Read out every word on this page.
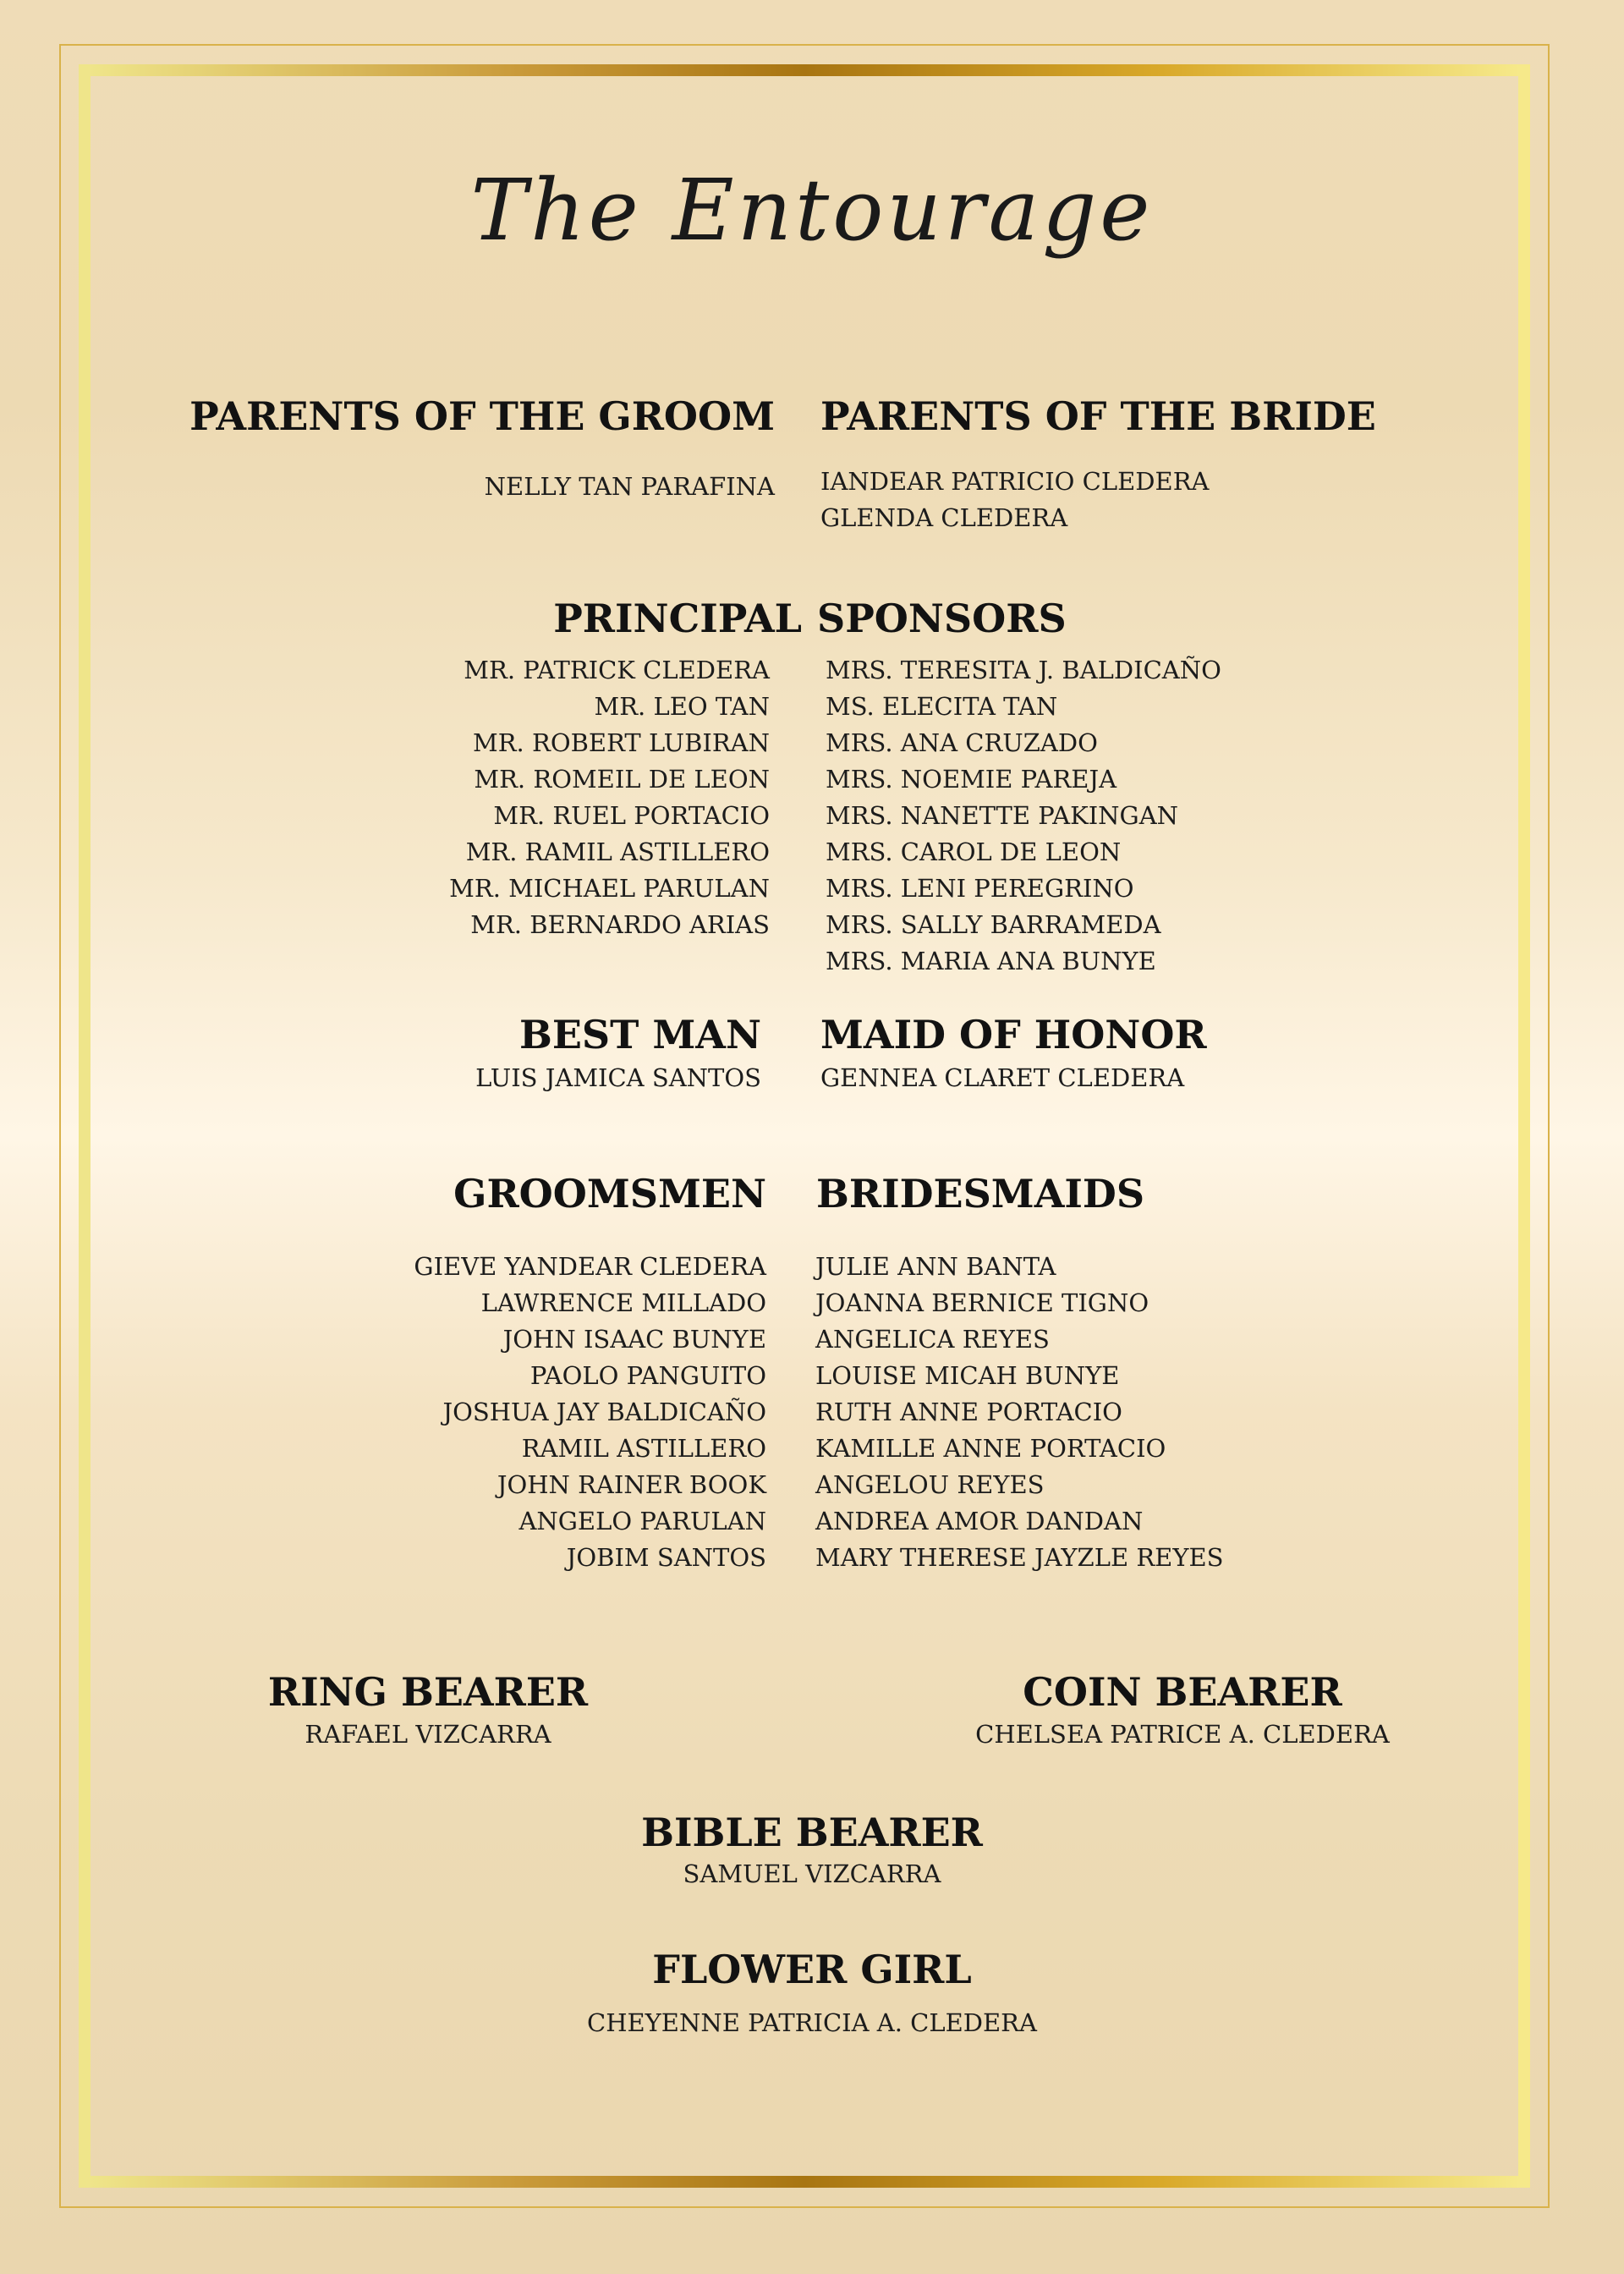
The Entourage
PARENTS OF THE GROOM PARENTS OF THE BRIDE
NELLY TAN PARAFINA IANDEAR PATRICIO CLEDERA
GLENDA CLEDERA
PRINCIPAL SPONSORS
MR. PATRICK CLEDERA
MR. LEO TAN
MR. ROBERT LUBIRAN
MR. ROMEIL DE LEON
MR. RUEL PORTACIO
MR. RAMIL ASTILLERO
MR. MICHAEL PARULAN
MR. BERNARDO ARIAS
MRS. TERESITA J. BALDICAÑO
MS. ELECITA TAN
MRS. ANA CRUZADO
MRS. NOEMIE PAREJA
MRS. NANETTE PAKINGAN
MRS. CAROL DE LEON
MRS. LENI PEREGRINO
MRS. SALLY BARRAMEDA
MRS. MARIA ANA BUNYE
BEST MAN
LUIS JAMICA SANTOS
MAID OF HONOR
GENNEA CLARET CLEDERA
GROOMSMEN BRIDESMAIDS
GIEVE YANDEAR CLEDERA
LAWRENCE MILLADO
JOHN ISAAC BUNYE
PAOLO PANGUITO
JOSHUA JAY BALDICAÑO
RAMIL ASTILLERO
JOHN RAINER BOOK
ANGELO PARULAN
JOBIM SANTOS
JULIE ANN BANTA
JOANNA BERNICE TIGNO
ANGELICA REYES
LOUISE MICAH BUNYE
RUTH ANNE PORTACIO
KAMILLE ANNE PORTACIO
ANGELOU REYES
ANDREA AMOR DANDAN
MARY THERESE JAYZLE REYES
RING BEARER
RAFAEL VIZCARRA
COIN BEARER
CHELSEA PATRICE A. CLEDERA
BIBLE BEARER
SAMUEL VIZCARRA
FLOWER GIRL
CHEYENNE PATRICIA A. CLEDERA
